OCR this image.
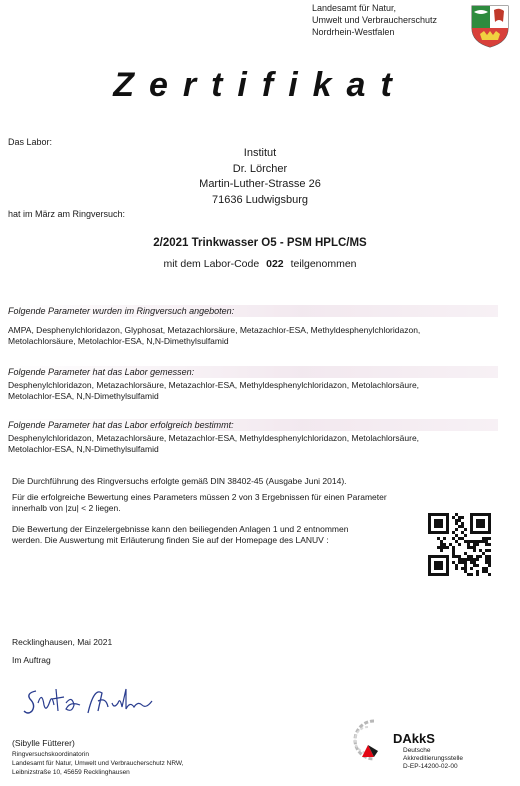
Landesamt für Natur,
Umwelt und Verbraucherschutz
Nordrhein-Westfalen
Zertifikat
Das Labor:
Institut
Dr. Lörcher
Martin-Luther-Strasse 26
71636 Ludwigsburg
hat im März am Ringversuch:
2/2021 Trinkwasser O5 - PSM HPLC/MS
mit dem Labor-Code 022 teilgenommen
Folgende Parameter wurden im Ringversuch angeboten:
AMPA, Desphenylchloridazon, Glyphosat, Metazachlorsäure, Metazachlor-ESA, Methyldesphenylchloridazon,
Metolachlorsäure, Metolachlor-ESA, N,N-Dimethylsulfamid
Folgende Parameter hat das Labor gemessen:
Desphenylchloridazon, Metazachlorsäure, Metazachlor-ESA, Methyldesphenylchloridazon, Metolachlorsäure,
Metolachlor-ESA, N,N-Dimethylsulfamid
Folgende Parameter hat das Labor erfolgreich bestimmt:
Desphenylchloridazon, Metazachlorsäure, Metazachlor-ESA, Methyldesphenylchloridazon, Metolachlorsäure,
Metolachlor-ESA, N,N-Dimethylsulfamid
Die Durchführung des Ringversuchs erfolgte gemäß DIN 38402-45 (Ausgabe Juni 2014).
Für die erfolgreiche Bewertung eines Parameters müssen 2 von 3 Ergebnissen für einen Parameter
innerhalb von |zu| < 2 liegen.
Die Bewertung der Einzelergebnisse kann den beiliegenden Anlagen 1 und 2 entnommen
werden. Die Auswertung mit Erläuterung finden Sie auf der Homepage des LANUV :
Recklinghausen, Mai 2021
Im Auftrag
(Sibylle Fütterer)
Ringversuchskoordinatorin
Landesamt für Natur, Umwelt und Verbraucherschutz NRW,
Leibnizstraße 10, 45659 Recklinghausen
DAkkS
Deutsche
Akkreditierungsstelle
D-EP-14200-02-00
